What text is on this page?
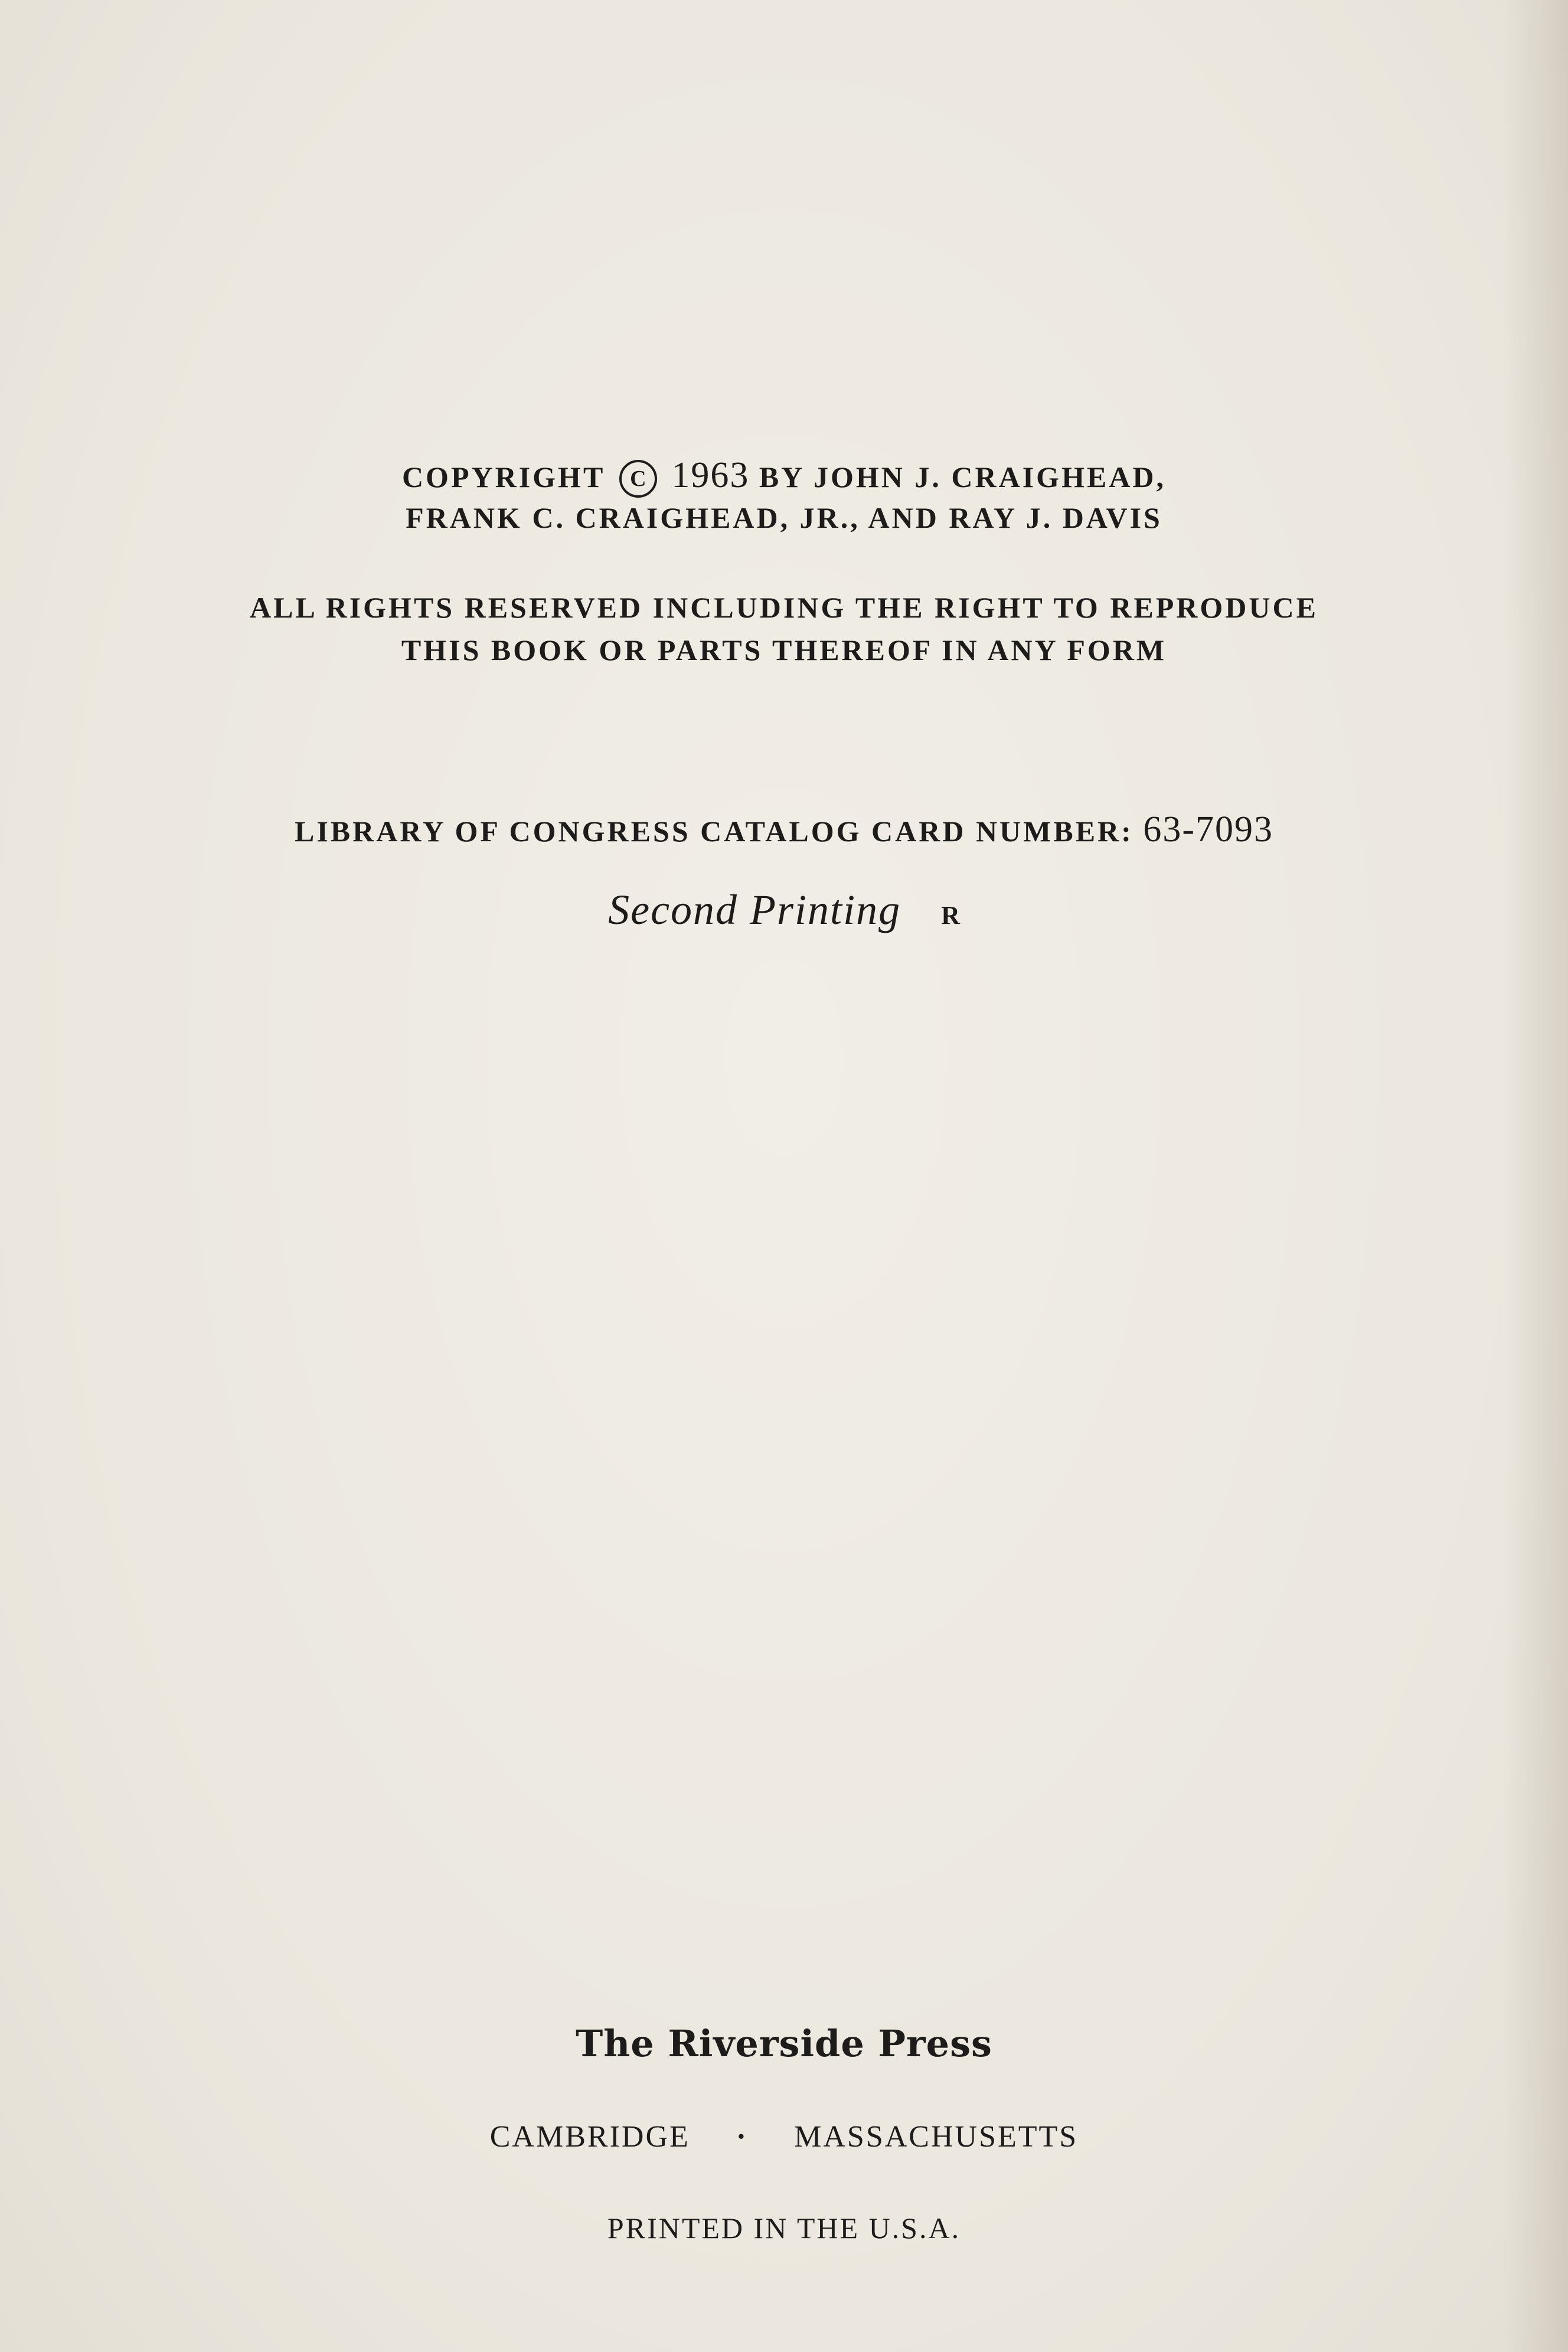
COPYRIGHT C 1963 BY JOHN J. CRAIGHEAD,
FRANK C. CRAIGHEAD, JR., AND RAY J. DAVIS
ALL RIGHTS RESERVED INCLUDING THE RIGHT TO REPRODUCE
THIS BOOK OR PARTS THEREOF IN ANY FORM
LIBRARY OF CONGRESS CATALOG CARD NUMBER: 63-7093
Second Printing R
The Riverside Press
CAMBRIDGE · MASSACHUSETTS
PRINTED IN THE U.S.A.
